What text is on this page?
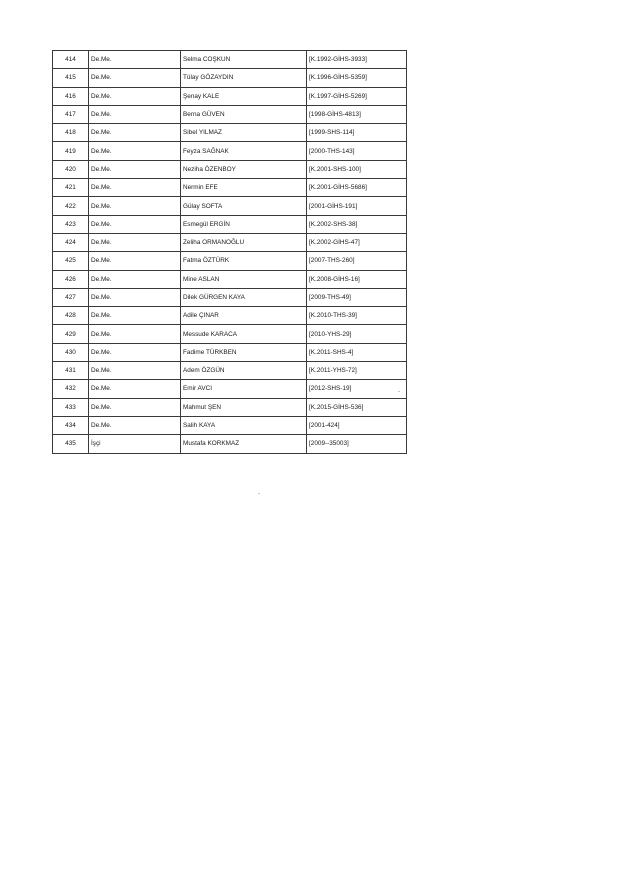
414	De.Me.	Selma COŞKUN	[K.1992-GİHS-3933]
415	De.Me.	Tülay GÖZAYDIN	[K.1996-GİHS-5359]
416	De.Me.	Şenay KALE	[K.1997-GİHS-5269]
417	De.Me.	Berna GÜVEN	[1998-GİHS-4813]
418	De.Me.	Sibel YILMAZ	[1999-SHS-114]
419	De.Me.	Feyza SAĞNAK	[2000-THS-143]
420	De.Me.	Neziha ÖZENBOY	[K.2001-SHS-100]
421	De.Me.	Nermin EFE	[K.2001-GİHS-5686]
422	De.Me.	Gülay SOFTA	[2001-GİHS-191]
423	De.Me.	Esmegül ERGİN	[K.2002-SHS-38]
424	De.Me.	Zeliha ORMANOĞLU	[K.2002-GİHS-47]
425	De.Me.	Fatma ÖZTÜRK	[2007-THS-260]
426	De.Me.	Mine ASLAN	[K.2008-GİHS-16]
427	De.Me.	Dilek GÜRGEN KAYA	[2009-THS-49]
428	De.Me.	Adile ÇINAR	[K.2010-THS-39]
429	De.Me.	Messude KARACA	[2010-YHS-29]
430	De.Me.	Fadime TÜRKBEN	[K.2011-SHS-4]
431	De.Me.	Adem ÖZGÜN	[K.2011-YHS-72]
432	De.Me.	Emir AVCI	[2012-SHS-19]
433	De.Me.	Mahmut ŞEN	[K.2015-GİHS-536]
434	De.Me.	Salih KAYA	[2001-424]
435	İşçi	Mustafa KORKMAZ	[2009--35003]
